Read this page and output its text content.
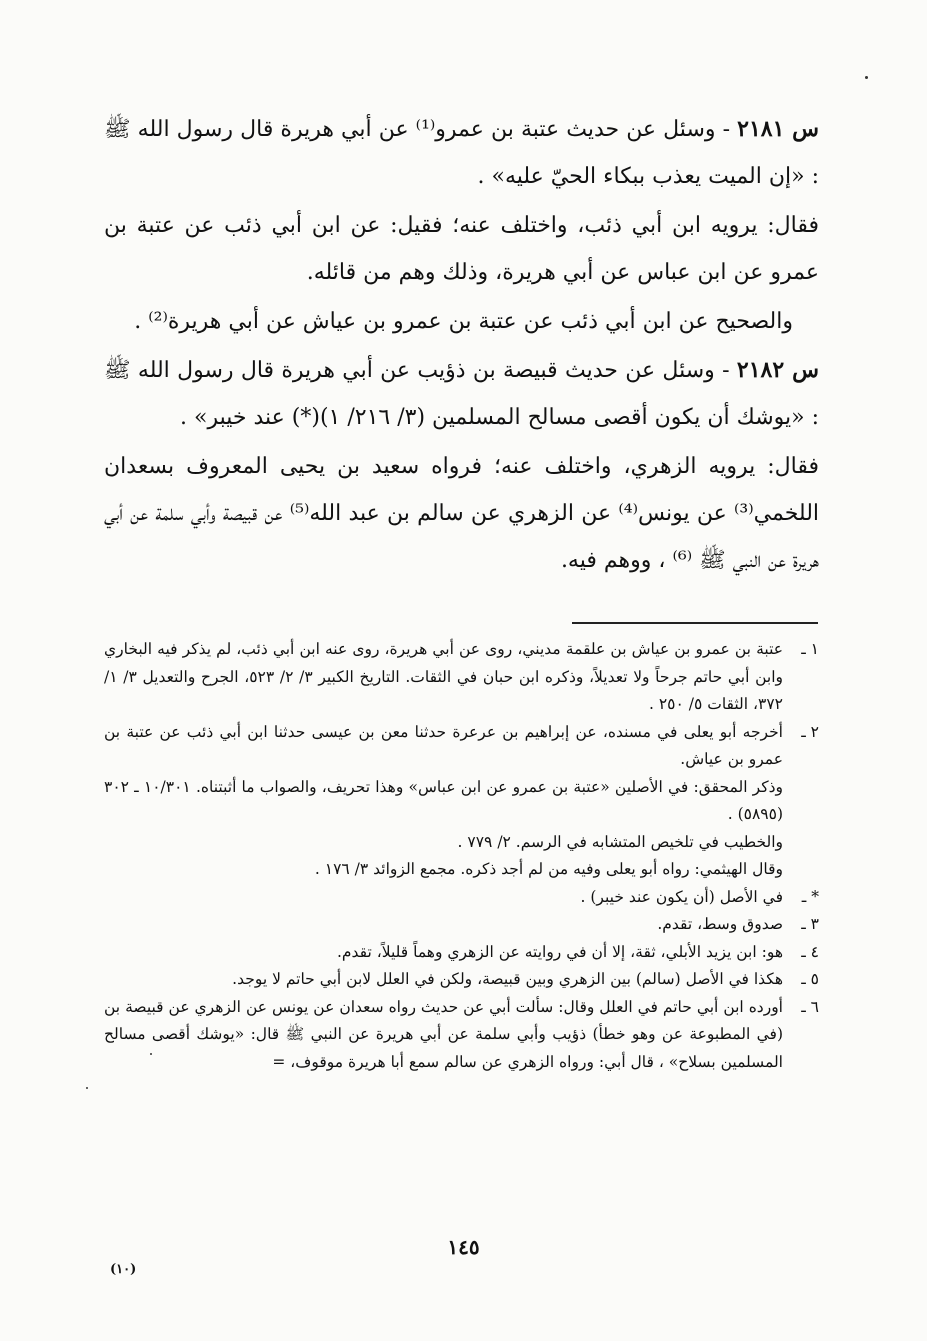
س ٢١٨١ - وسئل عن حديث عتبة بن عمرو⁽¹⁾ عن أبي هريرة قال رسول الله ﷺ : «إن الميت يعذب ببكاء الحيّ عليه» .

فقال: يرويه ابن أبي ذئب، واختلف عنه؛ فقيل: عن ابن أبي ذئب عن عتبة بن عمرو عن ابن عباس عن أبي هريرة، وذلك وهم من قائله.

والصحيح عن ابن أبي ذئب عن عتبة بن عمرو بن عياش عن أبي هريرة⁽²⁾ .

س ٢١٨٢ - وسئل عن حديث قبيصة بن ذؤيب عن أبي هريرة قال رسول الله ﷺ : «يوشك أن يكون أقصى مسالح المسلمين (٣/ ٢١٦/ ١)(*) عند خيبر» .

فقال: يرويه الزهري، واختلف عنه؛ فرواه سعيد بن يحيى المعروف بسعدان اللخمي⁽³⁾ عن يونس⁽⁴⁾ عن الزهري عن سالم بن عبد الله⁽⁵⁾ عن قبيصة وأبي سلمة عن أبي هريرة عن النبي ﷺ ⁽⁶⁾ ، ووهم فيه.

١ ـ
عتبة بن عمرو بن عياش بن علقمة مديني، روى عن أبي هريرة، روى عنه ابن أبي ذئب، لم يذكر فيه البخاري وابن أبي حاتم جرحاً ولا تعديلاً، وذكره ابن حبان في الثقات. التاريخ الكبير ٣/ ٢/ ٥٢٣، الجرح والتعديل ٣/ ١/ ٣٧٢، الثقات ٥/ ٢٥٠ .
٢ ـ
أخرجه أبو يعلى في مسنده، عن إبراهيم بن عرعرة حدثنا معن بن عيسى حدثنا ابن أبي ذئب عن عتبة بن عمرو بن عياش.

وذكر المحقق: في الأصلين «عتبة بن عمرو عن ابن عباس» وهذا تحريف، والصواب ما أثبتناه. ١٠/٣٠١ ـ ٣٠٢ (٥٨٩٥) .

والخطيب في تلخيص المتشابه في الرسم. ٢/ ٧٧٩ .

وقال الهيثمي: رواه أبو يعلى وفيه من لم أجد ذكره. مجمع الزوائد ٣/ ١٧٦ .

* ـ
في الأصل (أن يكون عند خيبر) .
٣ ـ
صدوق وسط، تقدم.
٤ ـ
هو: ابن يزيد الأبلي، ثقة، إلا أن في روايته عن الزهري وهماً قليلاً، تقدم.
٥ ـ
هكذا في الأصل (سالم) بين الزهري وبين قبيصة، ولكن في العلل لابن أبي حاتم لا يوجد.
٦ ـ
أورده ابن أبي حاتم في العلل وقال: سألت أبي عن حديث رواه سعدان عن يونس عن الزهري عن قبيصة بن (في المطبوعة عن وهو خطأ) ذؤيب وأبي سلمة عن أبي هريرة عن النبي ﷺ قال: «يوشك أقصى مسالح المسلمين بسلاح» ، قال أبي: ورواه الزهري عن سالم سمع أبا هريرة موقوف، =
١٤٥
(١٠)
